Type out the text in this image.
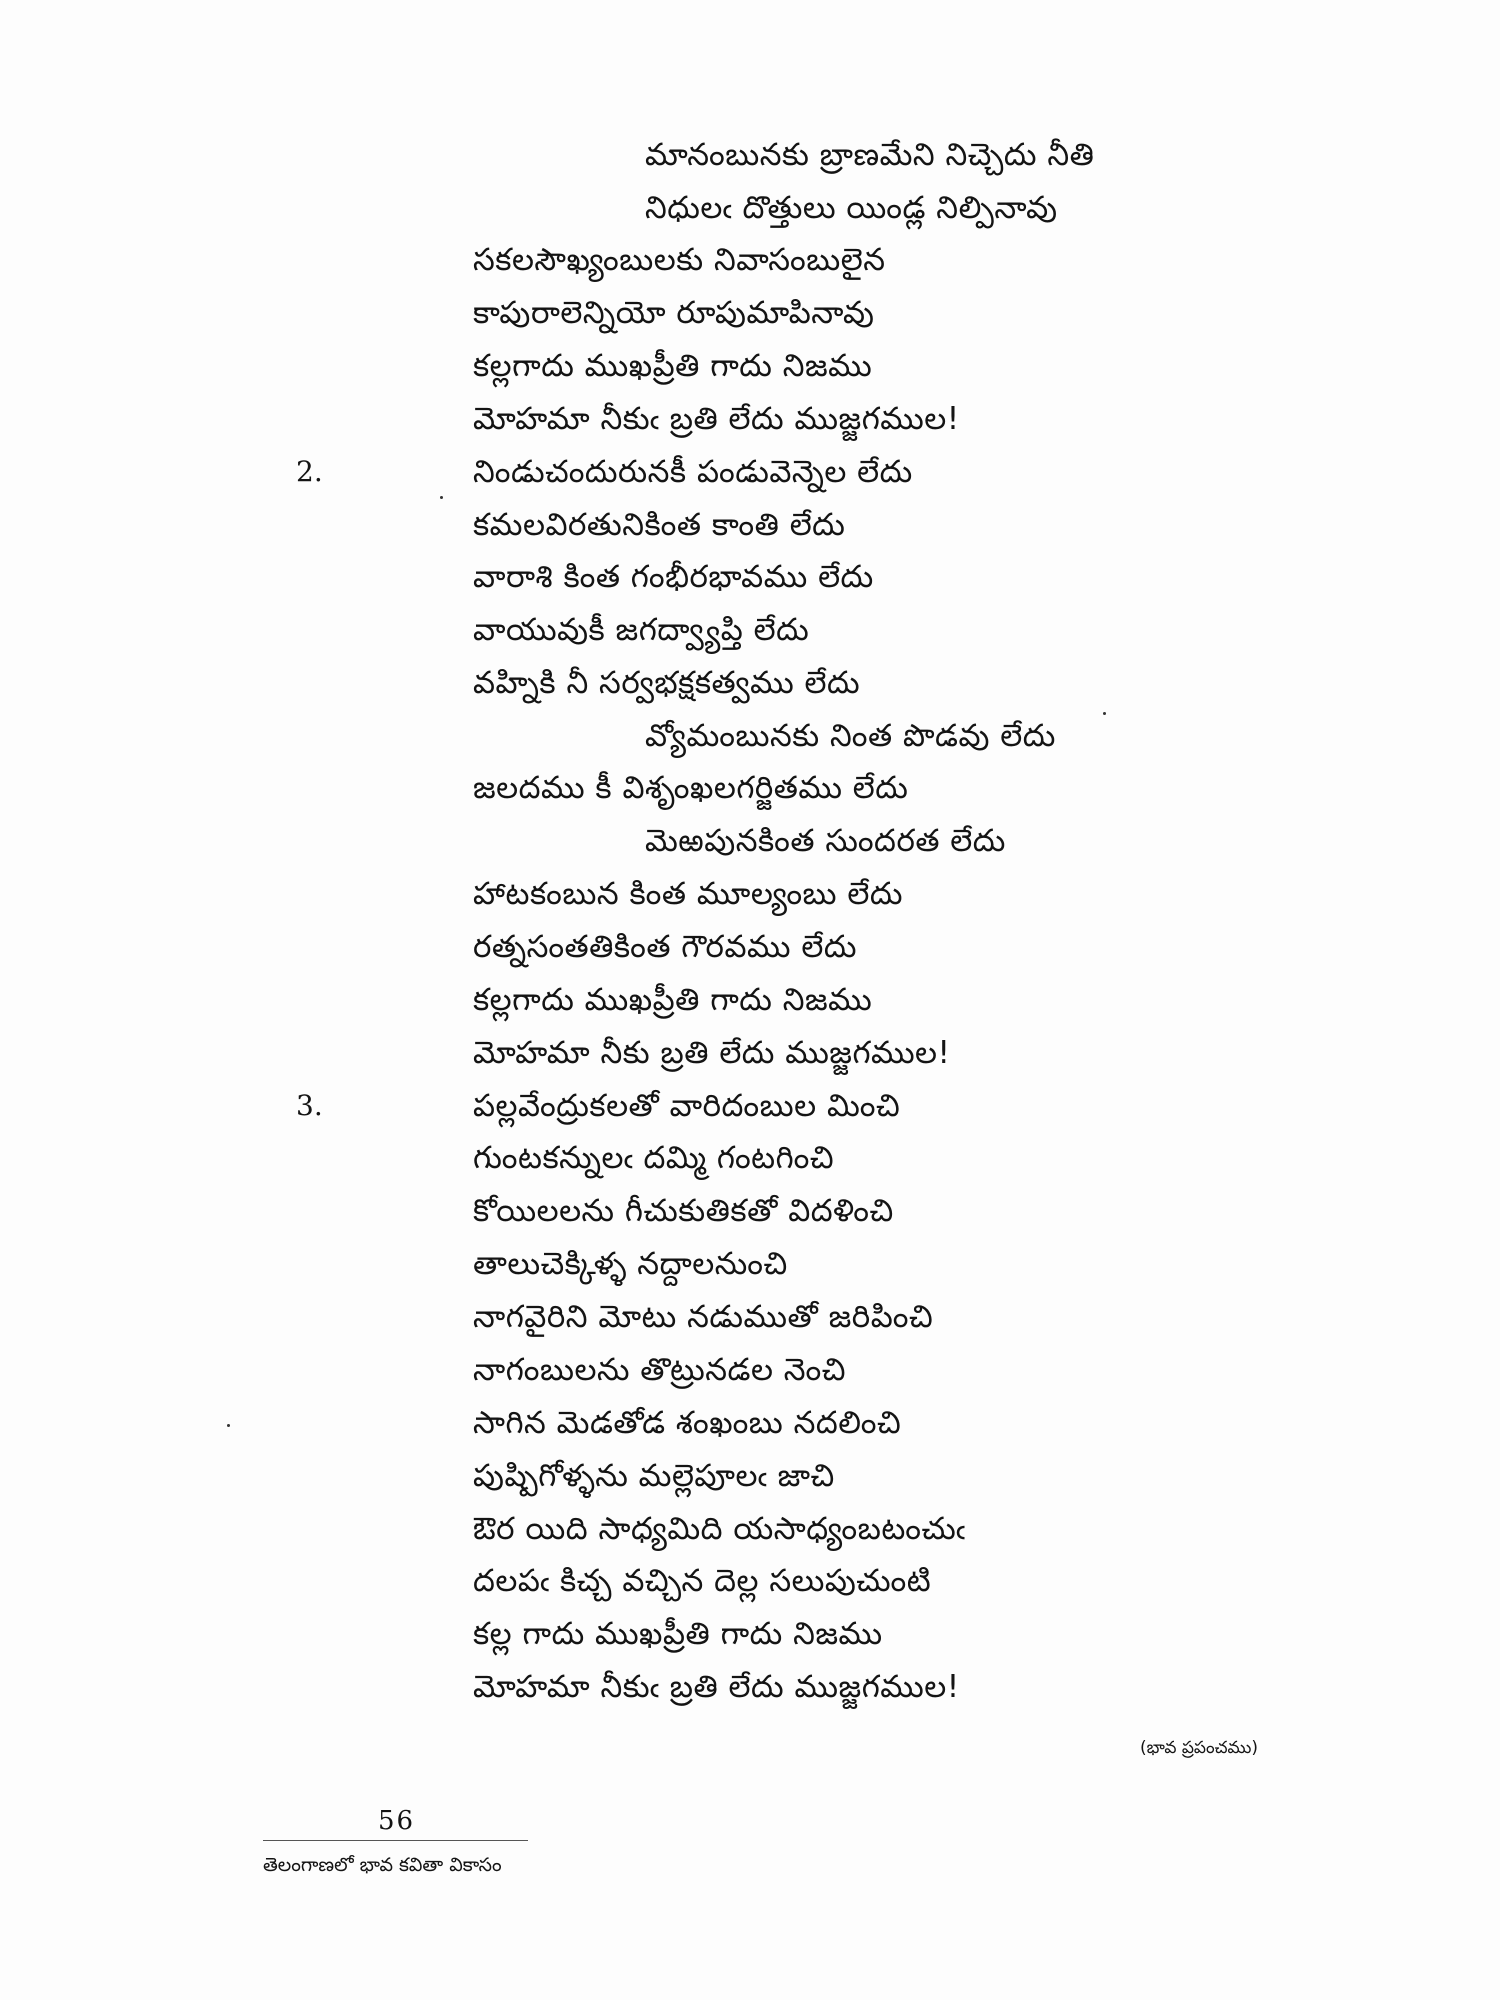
2.
3.
మానంబునకు బ్రాణమేని నిచ్చెదు నీతి
నిధులఁ దొత్తులు యిండ్ల నిల్పినావు
సకలసౌఖ్యంబులకు నివాసంబులైన
కాపురాలెన్నియో రూపుమాపినావు
కల్లగాదు ముఖప్రీతి గాదు నిజము
మోహమా నీకుఁ బ్రతి లేదు ముజ్జగముల!
నిండుచందురునకీ పండువెన్నెల లేదు
కమలవిరతునికింత కాంతి లేదు
వారాశి కింత గంభీరభావము లేదు
వాయువుకీ జగద్వ్యాప్తి లేదు
వహ్నికి నీ సర్వభక్షకత్వము లేదు
వ్యోమంబునకు నింత పొడవు లేదు
జలదము కీ విశృంఖలగర్జితము లేదు
మెఱపునకింత సుందరత లేదు
హాటకంబున కింత మూల్యంబు లేదు
రత్నసంతతికింత గౌరవము లేదు
కల్లగాదు ముఖప్రీతి గాదు నిజము
మోహమా నీకు బ్రతి లేదు ముజ్జగముల!
పల్లవేంద్రుకలతో వారిదంబుల మించి
గుంటకన్నులఁ దమ్మి గంటగించి
కోయిలలను గీచుకుతికతో విదళించి
తాలుచెక్కిళ్ళ నద్దాలనుంచి
నాగవైరిని మోటు నడుముతో జరిపించి
నాగంబులను తొట్రునడల నెంచి
సాగిన మెడతోడ శంఖంబు నదలించి
పుష్పిగోళ్ళను మల్లెపూలఁ జాచి
ఔర యిది సాధ్యమిది యసాధ్యంబటంచుఁ
దలపఁ కిచ్చ వచ్చిన దెల్ల సలుపుచుంటి
కల్ల గాదు ముఖప్రీతి గాదు నిజము
మోహమా నీకుఁ బ్రతి లేదు ముజ్జగముల!
(భావ ప్రపంచము)
56
తెలంగాణలో భావ కవితా వికాసం
